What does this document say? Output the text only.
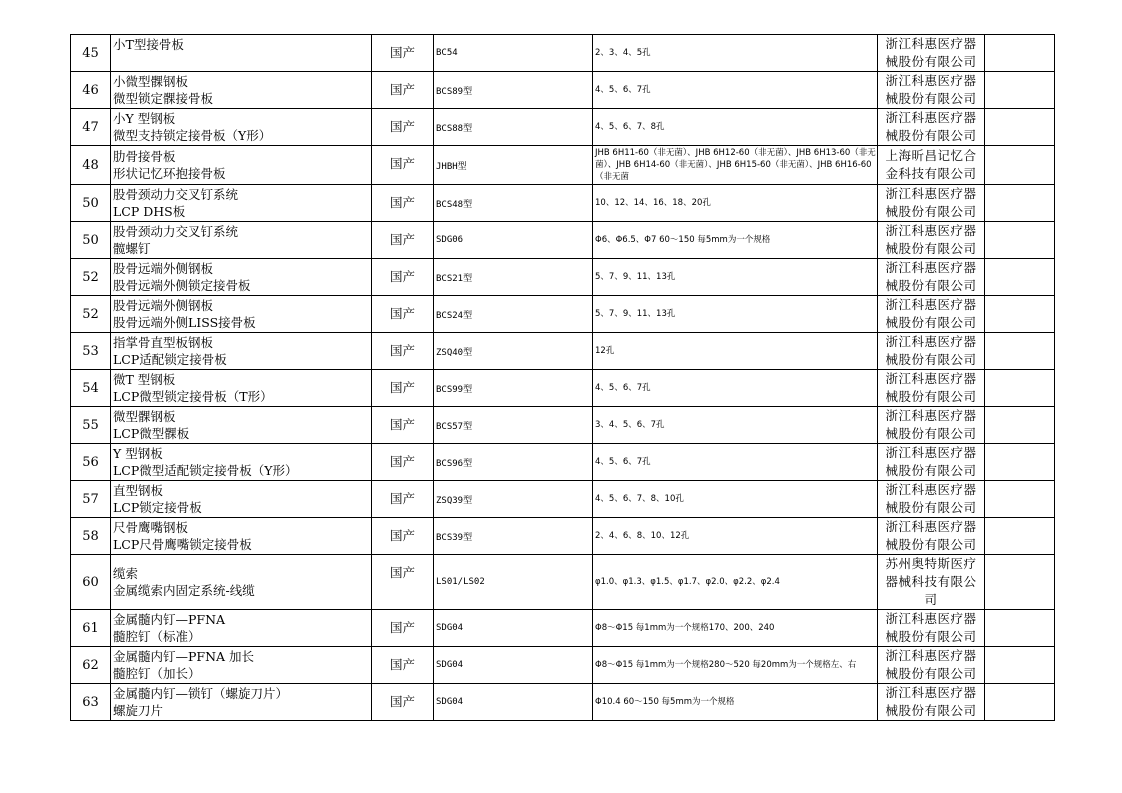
45	小T型接骨板	国产	BC54	2、3、4、5孔	浙江科惠医疗器
械股份有限公司	

46	小微型髁钢板
微型锁定髁接骨板	国产	BCS89型	4、5、6、7孔	浙江科惠医疗器
械股份有限公司	

47	小Y 型钢板
微型支持锁定接骨板（Y形）	国产	BCS88型	4、5、6、7、8孔	浙江科惠医疗器
械股份有限公司	

48	肋骨接骨板
形状记忆环抱接骨板	国产	JHBH型	JHB 6H11-60（非无菌）、JHB 6H12-60（非无菌）、JHB 6H13-60（非无菌）、JHB 6H14-60（非无菌）、JHB 6H15-60（非无菌）、JHB 6H16-60（非无菌	上海昕昌记忆合
金科技有限公司	

50	股骨颈动力交叉钉系统
LCP DHS板	国产	BCS48型	10、12、14、16、18、20孔	浙江科惠医疗器
械股份有限公司	

50	股骨颈动力交叉钉系统
髋螺钉	国产	SDG06	Φ6、Φ6.5、Φ7 60～150 每5mm为一个规格	浙江科惠医疗器
械股份有限公司	

52	股骨远端外侧钢板
股骨远端外侧锁定接骨板	国产	BCS21型	5、7、9、11、13孔	浙江科惠医疗器
械股份有限公司	

52	股骨远端外侧钢板
股骨远端外侧LISS接骨板	国产	BCS24型	5、7、9、11、13孔	浙江科惠医疗器
械股份有限公司	

53	指掌骨直型板钢板
LCP适配锁定接骨板	国产	ZSQ40型	12孔	浙江科惠医疗器
械股份有限公司	

54	微T 型钢板
LCP微型锁定接骨板（T形）	国产	BCS99型	4、5、6、7孔	浙江科惠医疗器
械股份有限公司	

55	微型髁钢板
LCP微型髁板	国产	BCS57型	3、4、5、6、7孔	浙江科惠医疗器
械股份有限公司	

56	Y 型钢板
LCP微型适配锁定接骨板（Y形）	国产	BCS96型	4、5、6、7孔	浙江科惠医疗器
械股份有限公司	

57	直型钢板
LCP锁定接骨板	国产	ZSQ39型	4、5、6、7、8、10孔	浙江科惠医疗器
械股份有限公司	

58	尺骨鹰嘴钢板
LCP尺骨鹰嘴锁定接骨板	国产	BCS39型	2、4、6、8、10、12孔	浙江科惠医疗器
械股份有限公司	

60	缆索
金属缆索内固定系统-线缆	国产	LS01/LS02	φ1.0、φ1.3、φ1.5、φ1.7、φ2.0、φ2.2、φ2.4	苏州奥特斯医疗
器械科技有限公
司	

61	金属髓内钉—PFNA
髓腔钉（标准）	国产	SDG04	Φ8～Φ15 每1mm为一个规格170、200、240	浙江科惠医疗器
械股份有限公司	

62	金属髓内钉—PFNA 加长
髓腔钉（加长）	国产	SDG04	Φ8～Φ15 每1mm为一个规格280～520 每20mm为一个规格左、右	浙江科惠医疗器
械股份有限公司	

63	金属髓内钉—锁钉（螺旋刀片）
螺旋刀片	国产	SDG04	Φ10.4 60～150 每5mm为一个规格	浙江科惠医疗器
械股份有限公司	
